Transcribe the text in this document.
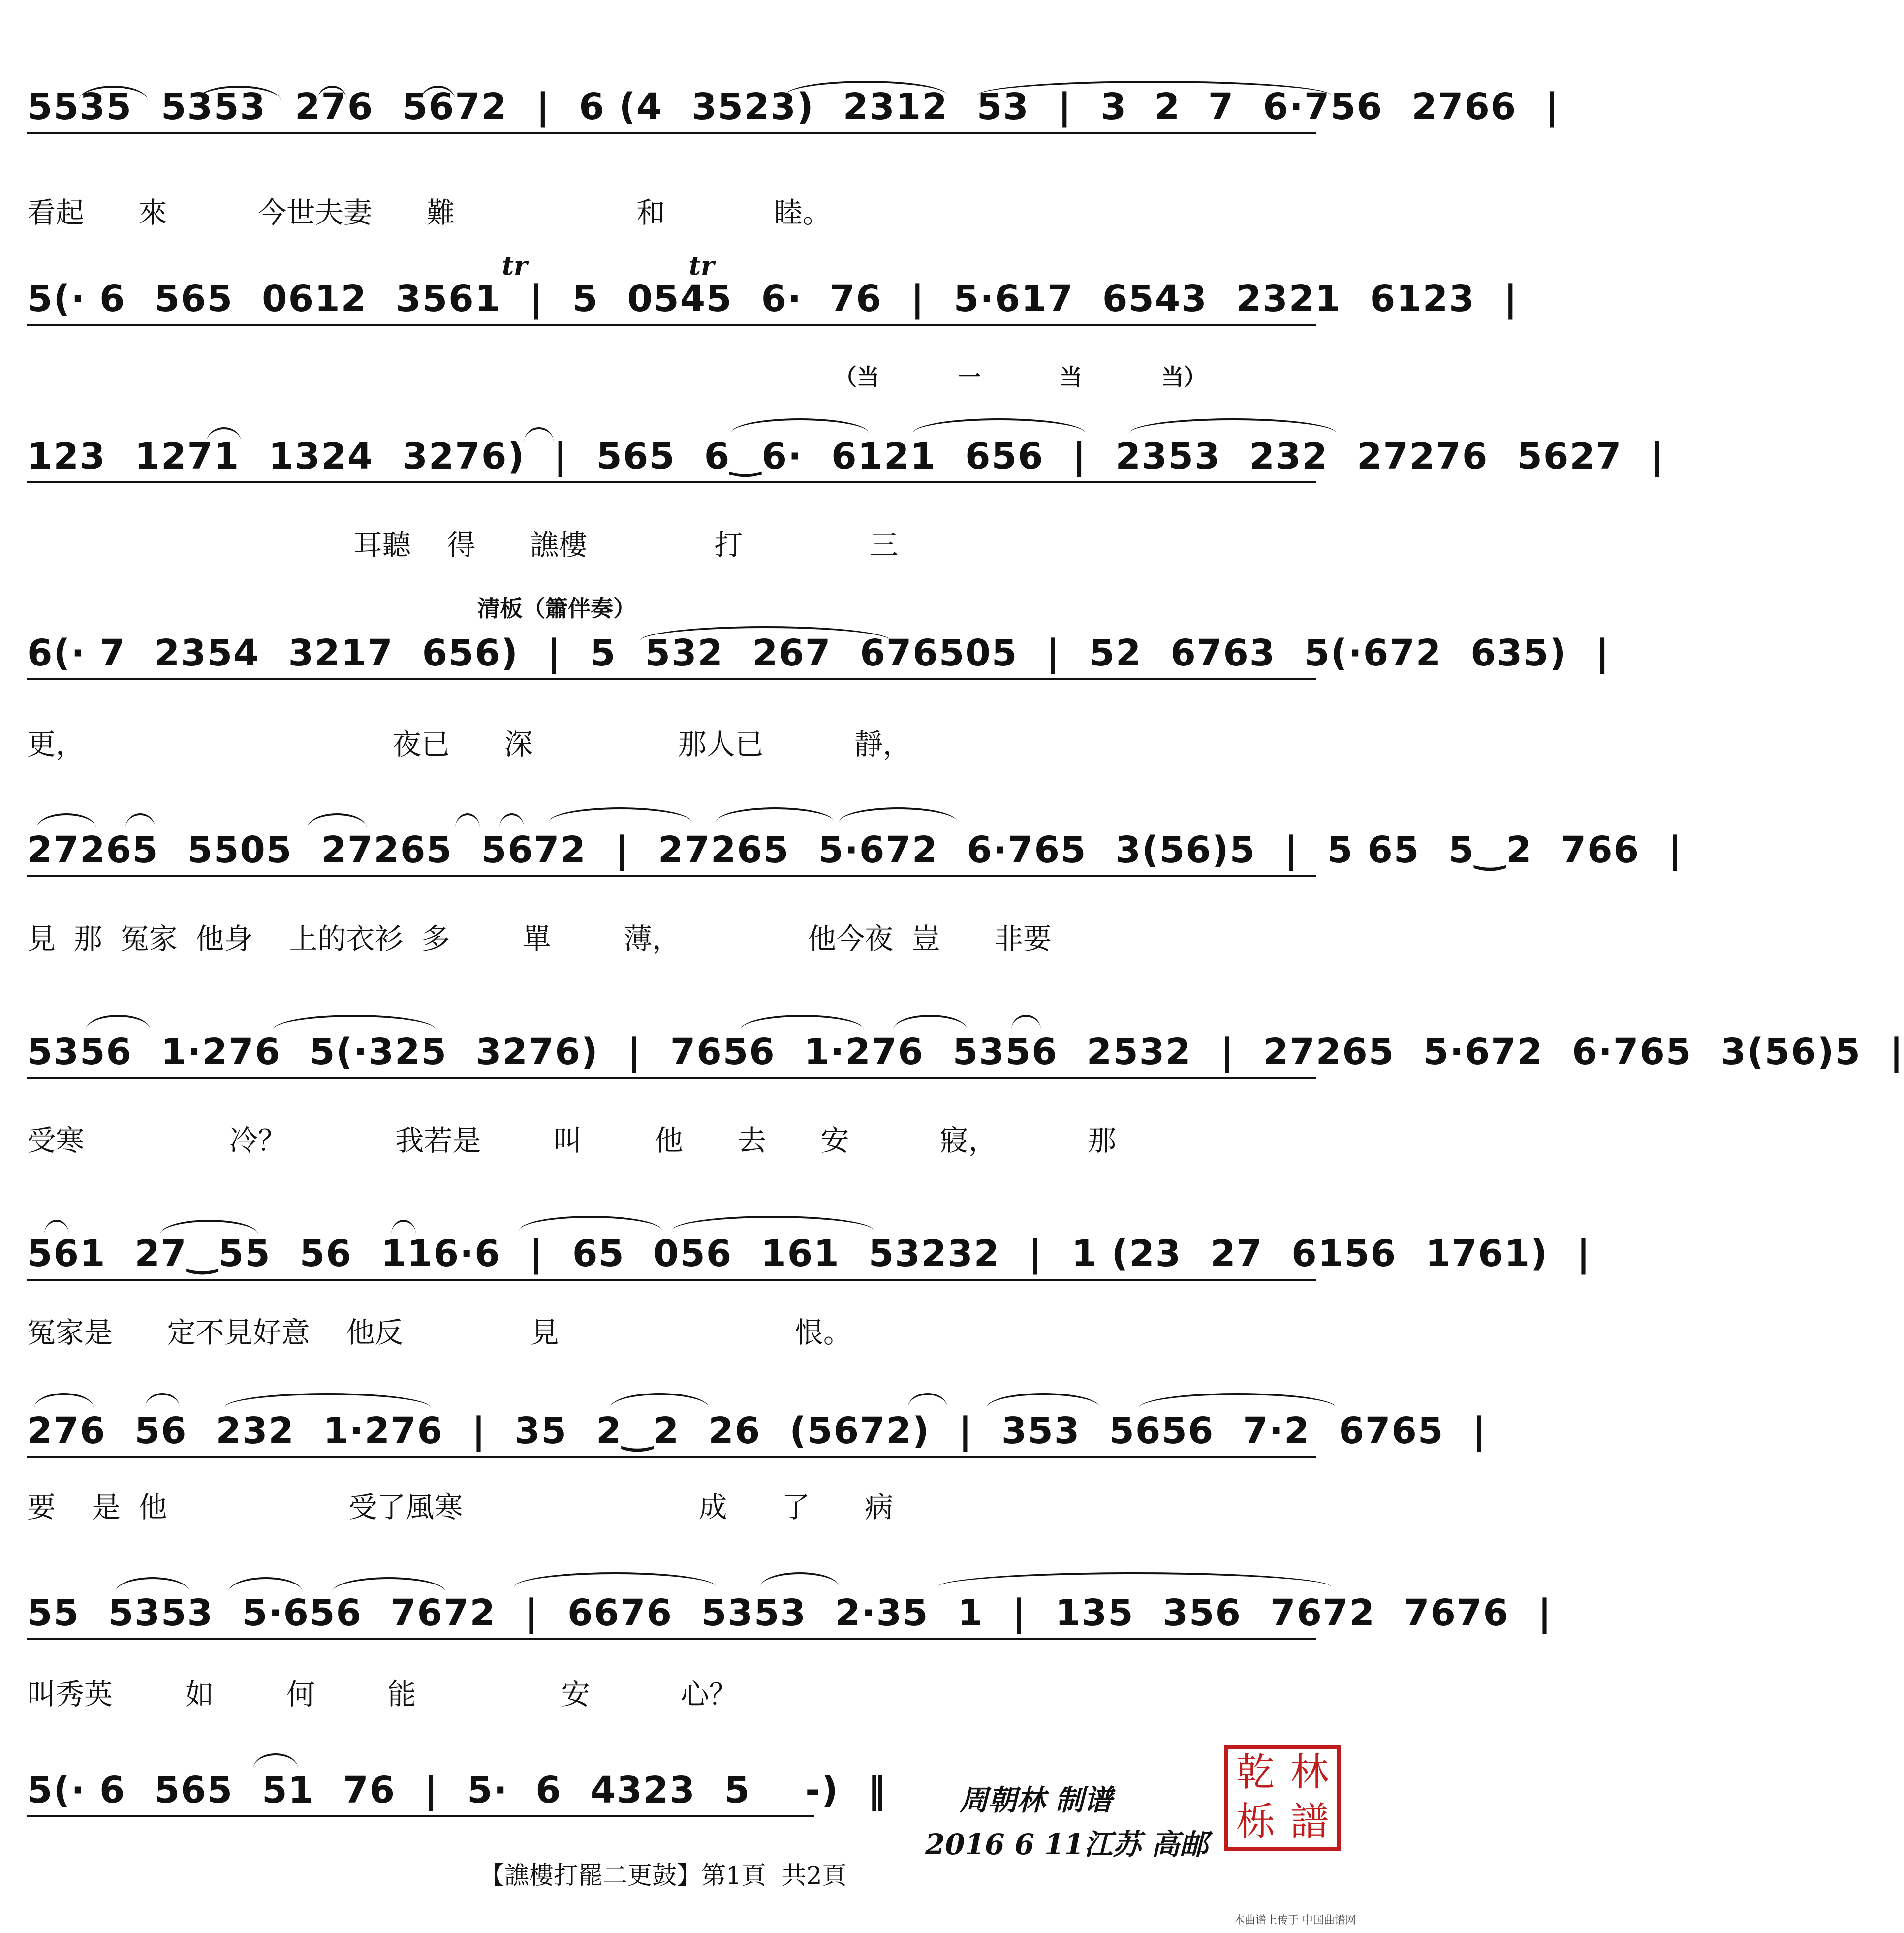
5535 5353 276 5672 | 6 (4 3523) 2312 53 | 3  2  7 6·756 2766 |
看起      來          今世夫妻      難                    和            睦。
tr	tr
5(· 6 565 0612 3561 | 5 0545 6·  76 | 5·617 6543 2321 6123 |
（当          一          当          当）
123 1271 1324 3276) | 565 6‿6· 6121 656 | 2353 232 27276 5627 |
耳聽    得      譙樓              打              三
清板（簫伴奏）
6(· 7 2354 3217 656) | 5 532 267 676505 | 52 6763 5(·672 635) |
更，                                  夜已      深                那人已          靜，
27265 5505 27265 5672 | 27265 5·672 6·765 3(56)5 | 5 65 5‿2 766 |
見  那  冤家  他身    上的衣衫  多        單        薄，              他今夜  豈      非要
5356 1·276 5(·325 3276) | 7656 1·276 5356 2532 | 27265 5·672 6·765 3(56)5 |
受寒                冷？            我若是        叫        他      去      安          寢，          那
561 27‿55 56 116·6 | 65 056 161 53232 | 1 (23 27 6156 1761) |
冤家是      定不見好意    他反              見                          恨。
276 56 232 1·276 | 35 2‿2 26 (5672) | 353 5656 7·2 6765 |
要    是  他                    受了風寒                          成      了      病
55 5353 5·656 7672 | 6676 5353 2·35 1 | 135 356 7672 7676 |
叫秀英        如        何        能                安          心？
5(· 6 565 51 76 | 5·  6 4323 5    -) ‖	周朝林 制谱
2016 6 11江苏 高邮
乾 林
栎 譜
【譙樓打罷二更鼓】第1頁  共2頁
本曲谱上传于 中国曲谱网
